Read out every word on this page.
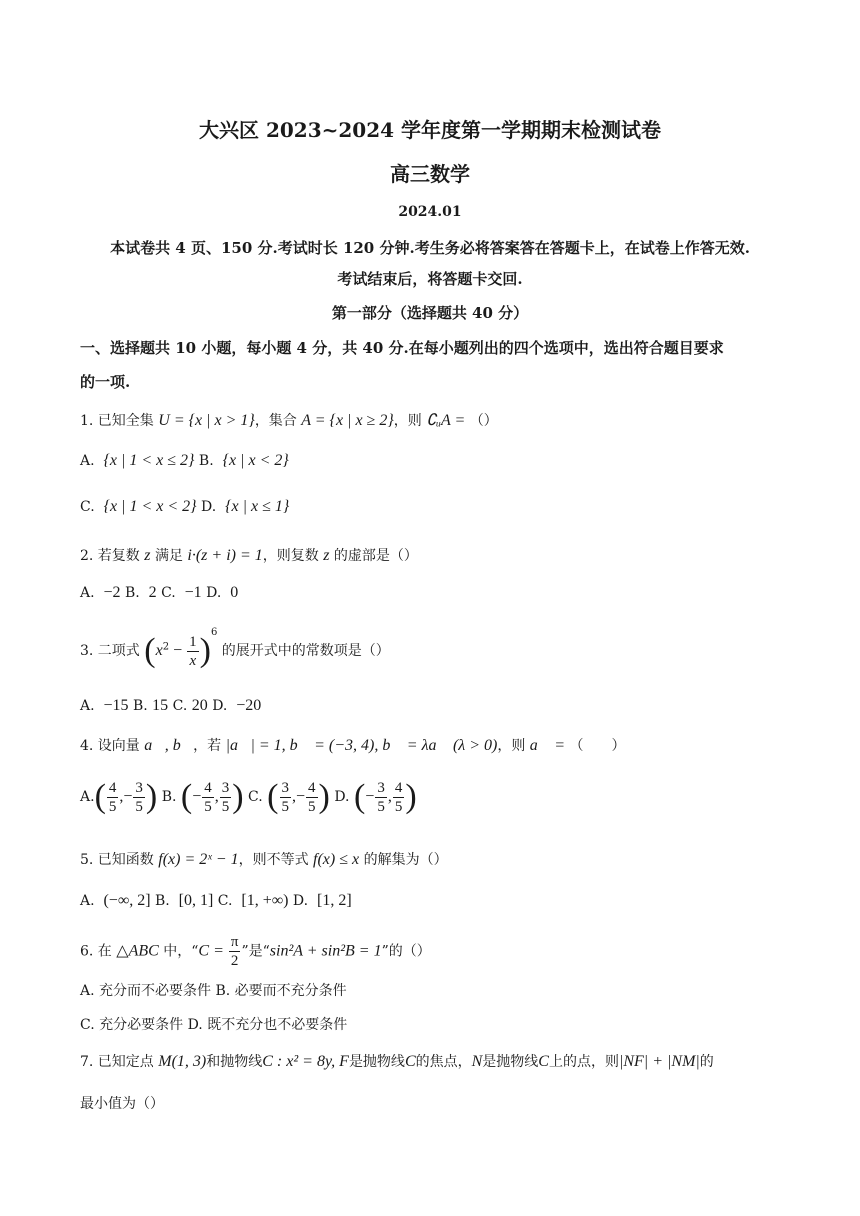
大兴区 2023~2024 学年度第一学期期末检测试卷
高三数学
2024.01
本试卷共 4 页、150 分.考试时长 120 分钟.考生务必将答案答在答题卡上，在试卷上作答无效.
考试结束后，将答题卡交回.
第一部分（选择题共 40 分）
一、选择题共 10 小题，每小题 4 分，共 40 分.在每小题列出的四个选项中，选出符合题目要求
的一项.
1. 已知全集 U = {x | x > 1}，集合 A = {x | x ≥ 2}，则 ∁ᵤA = （）
A. {x | 1 < x ≤ 2} B. {x | x < 2}
C. {x | 1 < x < 2} D. {x | x ≤ 1}
2. 若复数 z 满足 i·(z + i) = 1，则复数 z 的虚部是（）
A. −2 B. 2 C. −1 D. 0
3. 二项式 $(x^2 - \frac{1}{x} )^6$ 的展开式中的常数项是（）
A. −15 B. 15 C. 20 D. −20
4. 设向量 a⃗, b⃗，若 |a⃗| = 1, b⃗ = (−3, 4), b⃗ = λa⃗ (λ > 0)，则 a⃗ = （　　）
$A.( \frac{4}{5}$ ,− $\frac{3}{5}$ ) B. (− $\frac{4}{5}$ , $\frac{3}{5}$ ) C. ( $\frac{3}{5}$ ,− $\frac{4}{5}$ ) D. (− $\frac{3}{5}$ , $\frac{4}{5}$ )
5. 已知函数 f(x) = 2ˣ − 1，则不等式 f(x) ≤ x 的解集为（）
A. (−∞, 2] B. [0, 1] C. [1, +∞) D. [1, 2]
6. 在 △ABC 中，“$C = \frac{\pi}{2}$ ”是“sin²A + sin²B = 1”的（）
A. 充分而不必要条件 B. 必要而不充分条件
C. 充分必要条件 D. 既不充分也不必要条件
7. 已知定点 M(1, 3)和抛物线C : x² = 8y, F是抛物线C的焦点，N是抛物线C上的点，则|NF| + |NM|的
最小值为（）
